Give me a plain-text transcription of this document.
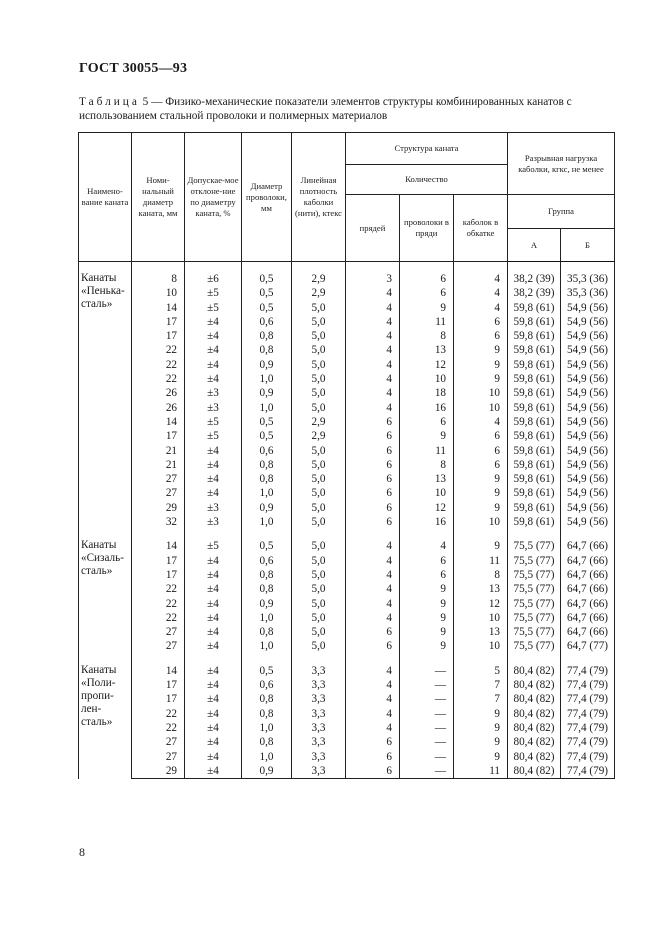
ГОСТ 30055—93
Таблица 5 — Физико-механические показатели элементов структуры комбинированных канатов с использованием стальной проволоки и полимерных материалов
Наимено-вание каната	Номи-нальный диаметр каната, мм	Допускае-мое отклоне-ние по диаметру каната, %	Диаметр проволоки, мм	Линейная плотность каболки (нити), ктекс	Структура каната			Разрывная нагрузка каболки, кгкс, не менее	
					Количество				
					прядей	проволоки в пряди	каболок в обкатке	Группа	
								А	Б

Канаты «Пенька-сталь»	8	±6	0,5	2,9	3	6	4	38,2 (39)	35,3 (36)
	10	±5	0,5	2,9	4	6	4	38,2 (39)	35,3 (36)
	14	±5	0,5	5,0	4	9	4	59,8 (61)	54,9 (56)
	17	±4	0,6	5,0	4	11	6	59,8 (61)	54,9 (56)
	17	±4	0,8	5,0	4	8	6	59,8 (61)	54,9 (56)
	22	±4	0,8	5,0	4	13	9	59,8 (61)	54,9 (56)
	22	±4	0,9	5,0	4	12	9	59,8 (61)	54,9 (56)
	22	±4	1,0	5,0	4	10	9	59,8 (61)	54,9 (56)
	26	±3	0,9	5,0	4	18	10	59,8 (61)	54,9 (56)
	26	±3	1,0	5,0	4	16	10	59,8 (61)	54,9 (56)
	14	±5	0,5	2,9	6	6	4	59,8 (61)	54,9 (56)
	17	±5	0,5	2,9	6	9	6	59,8 (61)	54,9 (56)
	21	±4	0,6	5,0	6	11	6	59,8 (61)	54,9 (56)
	21	±4	0,8	5,0	6	8	6	59,8 (61)	54,9 (56)
	27	±4	0,8	5,0	6	13	9	59,8 (61)	54,9 (56)
	27	±4	1,0	5,0	6	10	9	59,8 (61)	54,9 (56)
	29	±3	0,9	5,0	6	12	9	59,8 (61)	54,9 (56)
	32	±3	1,0	5,0	6	16	10	59,8 (61)	54,9 (56)

Канаты «Сизаль-сталь»	14	±5	0,5	5,0	4	4	9	75,5 (77)	64,7 (66)
	17	±4	0,6	5,0	4	6	11	75,5 (77)	64,7 (66)
	17	±4	0,8	5,0	4	6	8	75,5 (77)	64,7 (66)
	22	±4	0,8	5,0	4	9	13	75,5 (77)	64,7 (66)
	22	±4	0,9	5,0	4	9	12	75,5 (77)	64,7 (66)
	22	±4	1,0	5,0	4	9	10	75,5 (77)	64,7 (66)
	27	±4	0,8	5,0	6	9	13	75,5 (77)	64,7 (66)
	27	±4	1,0	5,0	6	9	10	75,5 (77)	64,7 (77)

Канаты «Поли-пропи-лен-сталь»	14	±4	0,5	3,3	4	—	5	80,4 (82)	77,4 (79)
	17	±4	0,6	3,3	4	—	7	80,4 (82)	77,4 (79)
	17	±4	0,8	3,3	4	—	7	80,4 (82)	77,4 (79)
	22	±4	0,8	3,3	4	—	9	80,4 (82)	77,4 (79)
	22	±4	1,0	3,3	4	—	9	80,4 (82)	77,4 (79)
	27	±4	0,8	3,3	6	—	9	80,4 (82)	77,4 (79)
	27	±4	1,0	3,3	6	—	9	80,4 (82)	77,4 (79)
	29	±4	0,9	3,3	6	—	11	80,4 (82)	77,4 (79)
8
